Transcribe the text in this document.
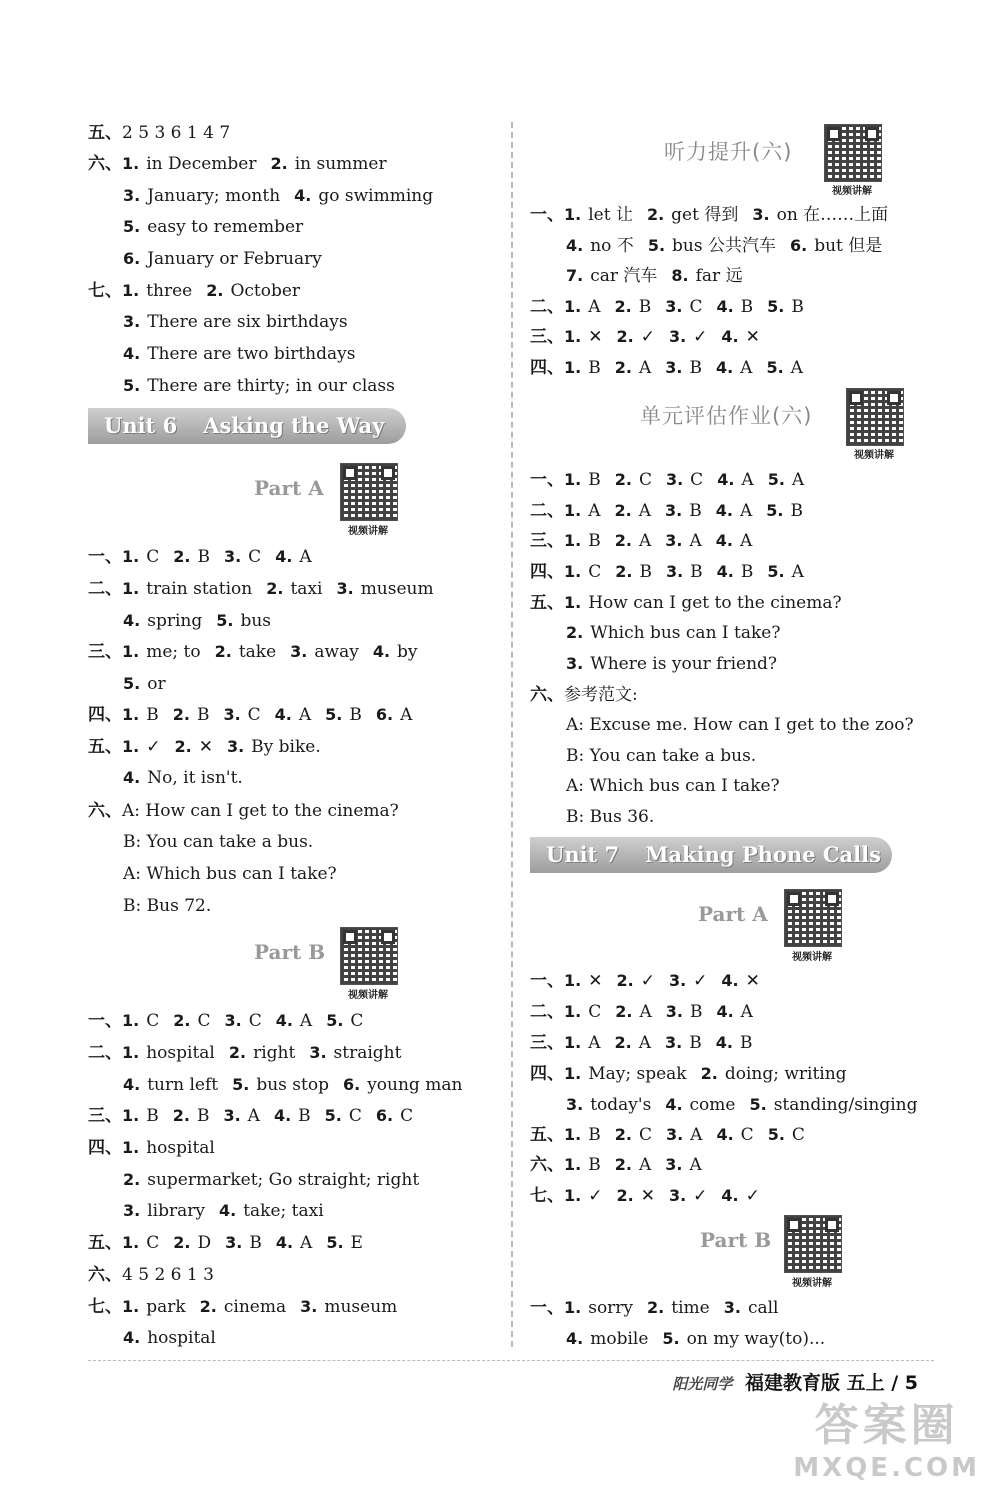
五、2 5 3 6 1 4 7
六、1. in December 2. in summer
3. January; month 4. go swimming
5. easy to remember
6. January or February
七、1. three 2. October
3. There are six birthdays
4. There are two birthdays
5. There are thirty; in our class
一、1. C 2. B 3. C 4. A
二、1. train station 2. taxi 3. museum
4. spring 5. bus
三、1. me; to 2. take 3. away 4. by
5. or
四、1. B 2. B 3. C 4. A 5. B 6. A
五、1. ✓ 2. ✕ 3. By bike.
4. No, it isn't.
六、A: How can I get to the cinema?
B: You can take a bus.
A: Which bus can I take?
B: Bus 72.
一、1. C 2. C 3. C 4. A 5. C
二、1. hospital 2. right 3. straight
4. turn left 5. bus stop 6. young man
三、1. B 2. B 3. A 4. B 5. C 6. C
四、1. hospital
2. supermarket; Go straight; right
3. library 4. take; taxi
五、1. C 2. D 3. B 4. A 5. E
六、4 5 2 6 1 3
七、1. park 2. cinema 3. museum
4. hospital
一、1. let 让 2. get 得到 3. on 在……上面
4. no 不 5. bus 公共汽车 6. but 但是
7. car 汽车 8. far 远
二、1. A 2. B 3. C 4. B 5. B
三、1. ✕ 2. ✓ 3. ✓ 4. ✕
四、1. B 2. A 3. B 4. A 5. A
一、1. B 2. C 3. C 4. A 5. A
二、1. A 2. A 3. B 4. A 5. B
三、1. B 2. A 3. A 4. A
四、1. C 2. B 3. B 4. B 5. A
五、1. How can I get to the cinema?
2. Which bus can I take?
3. Where is your friend?
六、参考范文:
A: Excuse me. How can I get to the zoo?
B: You can take a bus.
A: Which bus can I take?
B: Bus 36.
一、1. ✕ 2. ✓ 3. ✓ 4. ✕
二、1. C 2. A 3. B 4. A
三、1. A 2. A 3. B 4. B
四、1. May; speak 2. doing; writing
3. today's 4. come 5. standing/singing
五、1. B 2. C 3. A 4. C 5. C
六、1. B 2. A 3. A
七、1. ✓ 2. ✕ 3. ✓ 4. ✓
一、1. sorry 2. time 3. call
4. mobile 5. on my way(to)...
Unit 6 Asking the Way
Part A
视频讲解
Part B
视频讲解
听力提升(六)
视频讲解
单元评估作业(六)
视频讲解
Unit 7 Making Phone Calls
Part A
视频讲解
Part B
视频讲解
阳光同学 福建教育版 五上 / 5
答案圈
MXQE.COM
